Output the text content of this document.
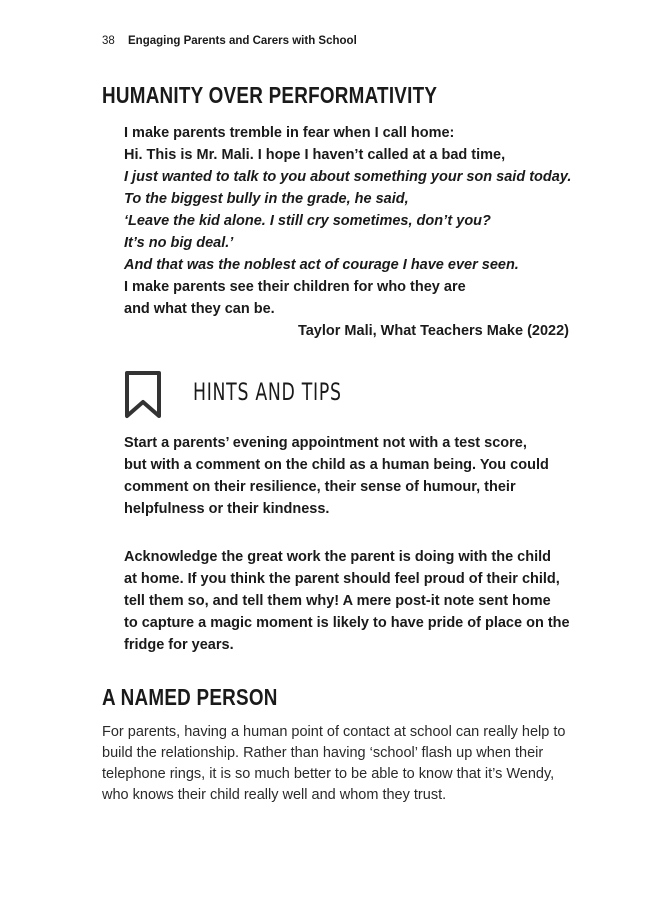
38 Engaging Parents and Carers with School
HUMANITY OVER PERFORMATIVITY
I make parents tremble in fear when I call home:
Hi. This is Mr. Mali. I hope I haven’t called at a bad time,
I just wanted to talk to you about something your son said today.
To the biggest bully in the grade, he said,
‘Leave the kid alone. I still cry sometimes, don’t you?
It’s no big deal.’
And that was the noblest act of courage I have ever seen.
I make parents see their children for who they are
and what they can be.
Taylor Mali, What Teachers Make (2022)
HINTS AND TIPS
Start a parents’ evening appointment not with a test score,
but with a comment on the child as a human being. You could
comment on their resilience, their sense of humour, their
helpfulness or their kindness.
Acknowledge the great work the parent is doing with the child
at home. If you think the parent should feel proud of their child,
tell them so, and tell them why! A mere post-it note sent home
to capture a magic moment is likely to have pride of place on the
fridge for years.
A NAMED PERSON
For parents, having a human point of contact at school can really help to
build the relationship. Rather than having ‘school’ flash up when their
telephone rings, it is so much better to be able to know that it’s Wendy,
who knows their child really well and whom they trust.
